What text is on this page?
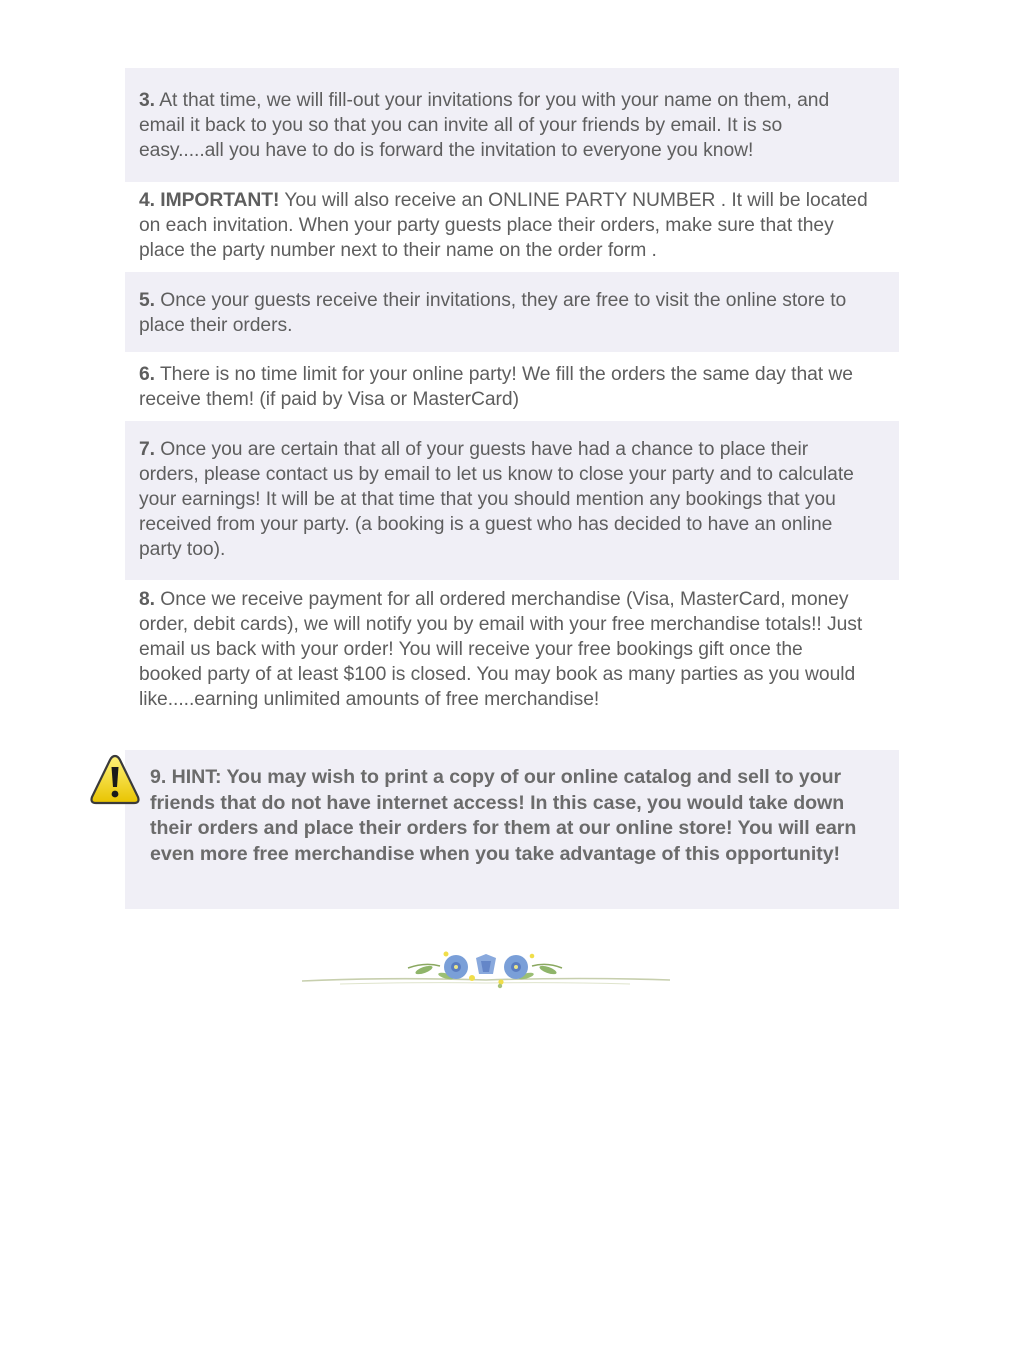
3. At that time, we will fill-out your invitations for you with your name on them, and email it back to you so that you can invite all of your friends by email. It is so easy.....all you have to do is forward the invitation to everyone you know!
4. IMPORTANT! You will also receive an ONLINE PARTY NUMBER . It will be located on each invitation. When your party guests place their orders, make sure that they place the party number next to their name on the order form .
5. Once your guests receive their invitations, they are free to visit the online store to place their orders.
6. There is no time limit for your online party! We fill the orders the same day that we receive them! (if paid by Visa or MasterCard)
7. Once you are certain that all of your guests have had a chance to place their orders, please contact us by email to let us know to close your party and to calculate your earnings! It will be at that time that you should mention any bookings that you received from your party. (a booking is a guest who has decided to have an online party too).
8. Once we receive payment for all ordered merchandise (Visa, MasterCard, money order, debit cards), we will notify you by email with your free merchandise totals!! Just email us back with your order! You will receive your free bookings gift once the booked party of at least $100 is closed. You may book as many parties as you would like.....earning unlimited amounts of free merchandise!
9. HINT: You may wish to print a copy of our online catalog and sell to your friends that do not have internet access! In this case, you would take down their orders and place their orders for them at our online store! You will earn even more free merchandise when you take advantage of this opportunity!
